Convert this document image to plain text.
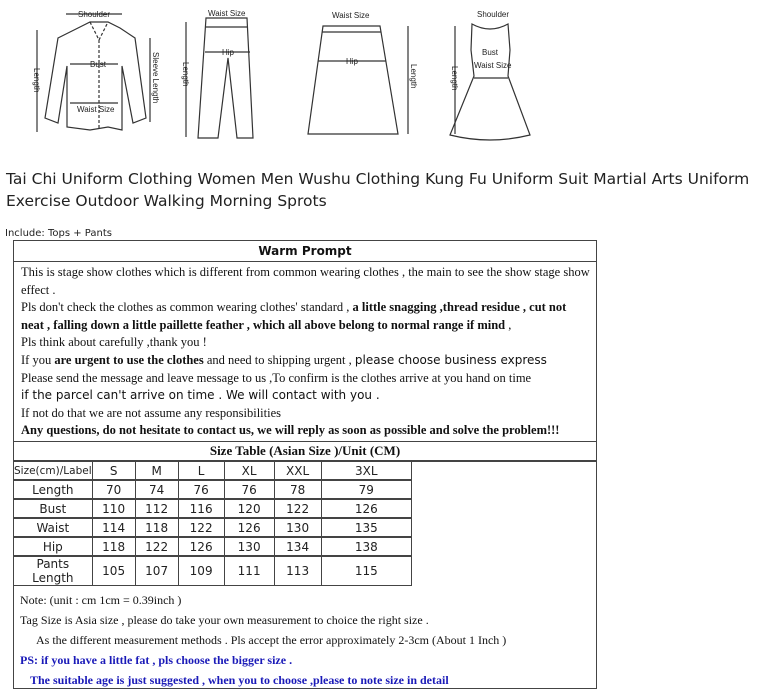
Shoulder
Bust
Waist Size
Length	Sleeve Length
Waist Size
Hip
Length
Waist Size
Hip
Length
Shoulder
Bust
Waist Size
Length
Tai Chi Uniform Clothing Women Men Wushu Clothing Kung Fu Uniform Suit Martial Arts Uniform Exercise Outdoor Walking Morning Sprots
Include: Tops + Pants
Warm Prompt
This is stage show clothes which is different from common wearing clothes , the main to see the show stage show effect .
Pls don't check the clothes as common wearing clothes' standard , a little snagging ,thread residue , cut not neat , falling down a little paillette feather , which all above belong to normal range if mind ,
Pls think about carefully ,thank you !
If you are urgent to use the clothes and need to shipping urgent , please choose business express
Please send the message and leave message to us ,To confirm is the clothes arrive at you hand on time
if the parcel can't arrive on time . We will contact with you .
If not do that we are not assume any responsibilities
Any questions, do not hesitate to contact us, we will reply as soon as possible and solve the problem!!!
Size Table (Asian Size )/Unit (CM)
Size(cm)/Label	S	M	L	XL	XXL	3XL
Length	70	74	76	76	78	79
Bust	110	112	116	120	122	126
Waist	114	118	122	126	130	135
Hip	118	122	126	130	134	138
Pants Length	105	107	109	111	113	115
Note: (unit : cm 1cm = 0.39inch )
Tag Size is Asia size , please do take your own measurement to choice the right size .
As the different measurement methods . Pls accept the error approximately 2-3cm (About 1 Inch )
PS: if you have a little fat , pls choose the bigger size .
The suitable age is just suggested , when you to choose ,please to note size in detail
